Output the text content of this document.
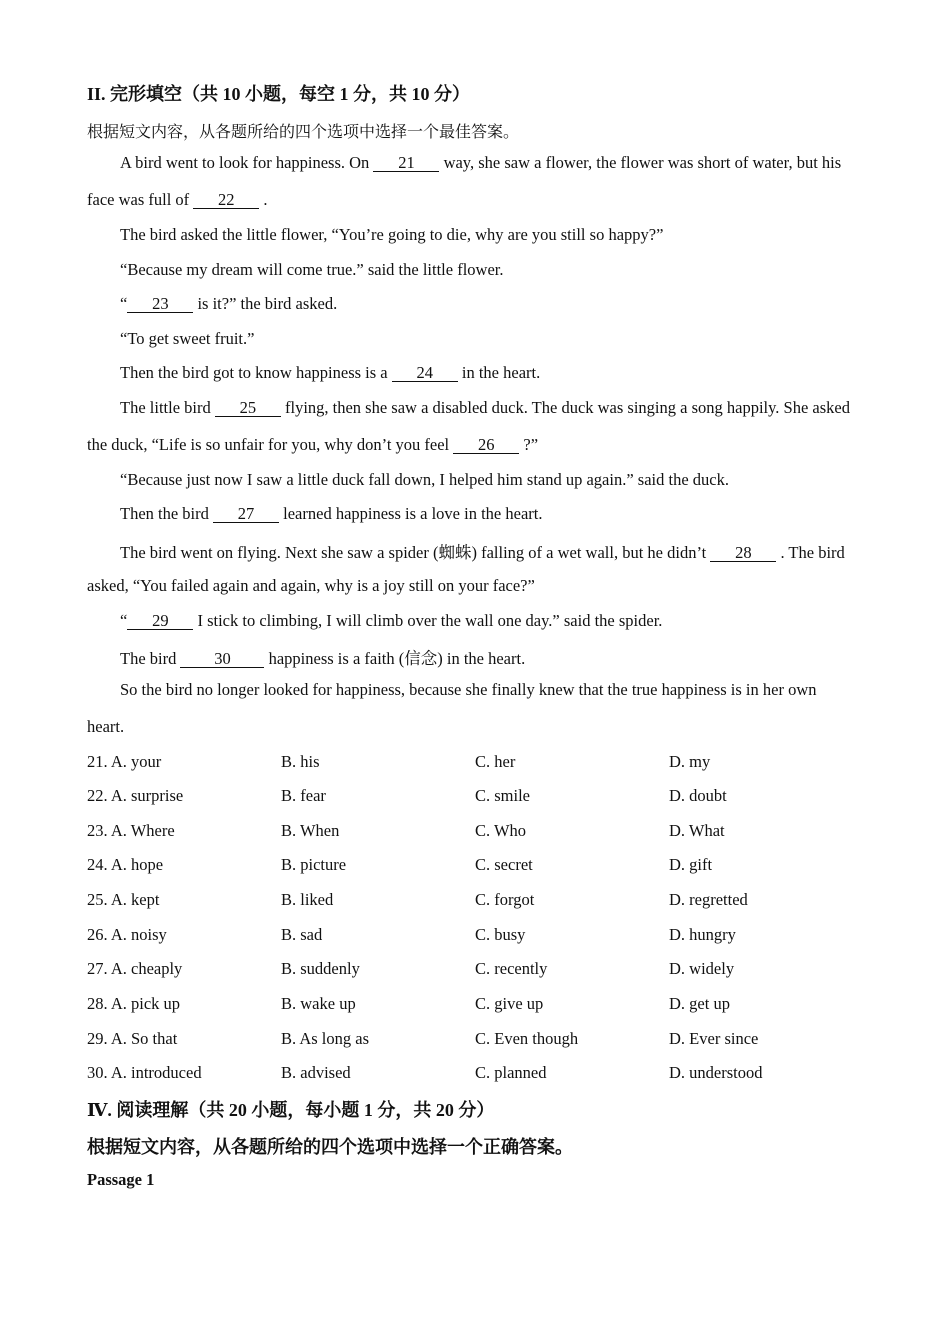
II. 完形填空（共 10 小题，每空 1 分，共 10 分）
根据短文内容，从各题所给的四个选项中选择一个最佳答案。
A bird went to look for happiness. On 21 way, she saw a flower, the flower was short of water, but his
face was full of 22 .
The bird asked the little flower, “You’re going to die, why are you still so happy?”
“Because my dream will come true.” said the little flower.
“ 23 is it?” the bird asked.
“To get sweet fruit.”
Then the bird got to know happiness is a 24 in the heart.
The little bird 25 flying, then she saw a disabled duck. The duck was singing a song happily. She asked
the duck, “Life is so unfair for you, why don’t you feel 26 ?”
“Because just now I saw a little duck fall down, I helped him stand up again.” said the duck.
Then the bird 27 learned happiness is a love in the heart.
The bird went on flying. Next she saw a spider (蜘蛛) falling of a wet wall, but he didn’t 28 . The bird
asked, “You failed again and again, why is a joy still on your face?”
“ 29 I stick to climbing, I will climb over the wall one day.” said the spider.
The bird 30 happiness is a faith (信念) in the heart.
So the bird no longer looked for happiness, because she finally knew that the true happiness is in her own
heart.
21. A. your	B. his	C. her	D. my
22. A. surprise	B. fear	C. smile	D. doubt
23. A. Where	B. When	C. Who	D. What
24. A. hope	B. picture	C. secret	D. gift
25. A. kept	B. liked	C. forgot	D. regretted
26. A. noisy	B. sad	C. busy	D. hungry
27. A. cheaply	B. suddenly	C. recently	D. widely
28. A. pick up	B. wake up	C. give up	D. get up
29. A. So that	B. As long as	C. Even though	D. Ever since
30. A. introduced	B. advised	C. planned	D. understood
Ⅳ. 阅读理解（共 20 小题，每小题 1 分，共 20 分）
根据短文内容，从各题所给的四个选项中选择一个正确答案。
Passage 1
